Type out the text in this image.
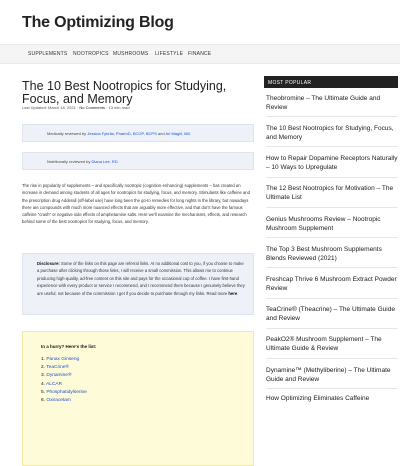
The Optimizing Blog
SUPPLEMENTS NOOTROPICS MUSHROOMS LIFESTYLE FINANCE
The 10 Best Nootropics for Studying, Focus, and Memory
Last Updated: March 18, 2021 · No Comments · 13 min read
Medically reviewed by Jessica Fyhrlia, PharmD, BCGP, BCPS and Ari Magill, MD
Nutritionally reviewed by Diana Lee, RD

The rise in popularity of supplements – and specifically nootropic (cognition-enhancing) supplements – has created an increase in demand among students of all ages for nootropics for studying, focus, and memory. Stimulants like caffeine and the prescription drug Adderall (off-label use) have long been the go-to remedies for long nights in the library, but nowadays there are compounds with much more nuanced effects that are arguably more effective, and that don't have the famous caffeine "crash" or negative side effects of amphetamine salts. Here we'll examine the mechanisms, effects, and research behind some of the best nootropics for studying, focus, and memory.

Disclosure: Some of the links on this page are referral links. At no additional cost to you, if you choose to make a purchase after clicking through those links, I will receive a small commission. This allows me to continue producing high-quality, ad-free content on this site and pays for the occasional cup of coffee. I have first-hand experience with every product or service I recommend, and I recommend them because I genuinely believe they are useful, not because of the commission I get if you decide to purchase through my links. Read more here.

In a hurry? Here's the list:
1. Panax Ginseng
2. TeaCrine®
3. Dynamine®
4. ALCAR
5. Phosphatidylserine
6. Oxiracetam
MOST POPULAR
Theobromine – The Ultimate Guide and Review
The 10 Best Nootropics for Studying, Focus, and Memory
How to Repair Dopamine Receptors Naturally – 10 Ways to Upregulate
The 12 Best Nootropics for Motivation – The Ultimate List
Genius Mushrooms Review – Nootropic Mushroom Supplement
The Top 3 Best Mushroom Supplements Blends Reviewed (2021)
Freshcap Thrive 6 Mushroom Extract Powder Review
TeaCrine® (Theacrine) – The Ultimate Guide and Review
PeakO2® Mushroom Supplement – The Ultimate Guide & Review
Dynamine™ (Methyliberine) – The Ultimate Guide and Review
How Optimizing Eliminates Caffeine
